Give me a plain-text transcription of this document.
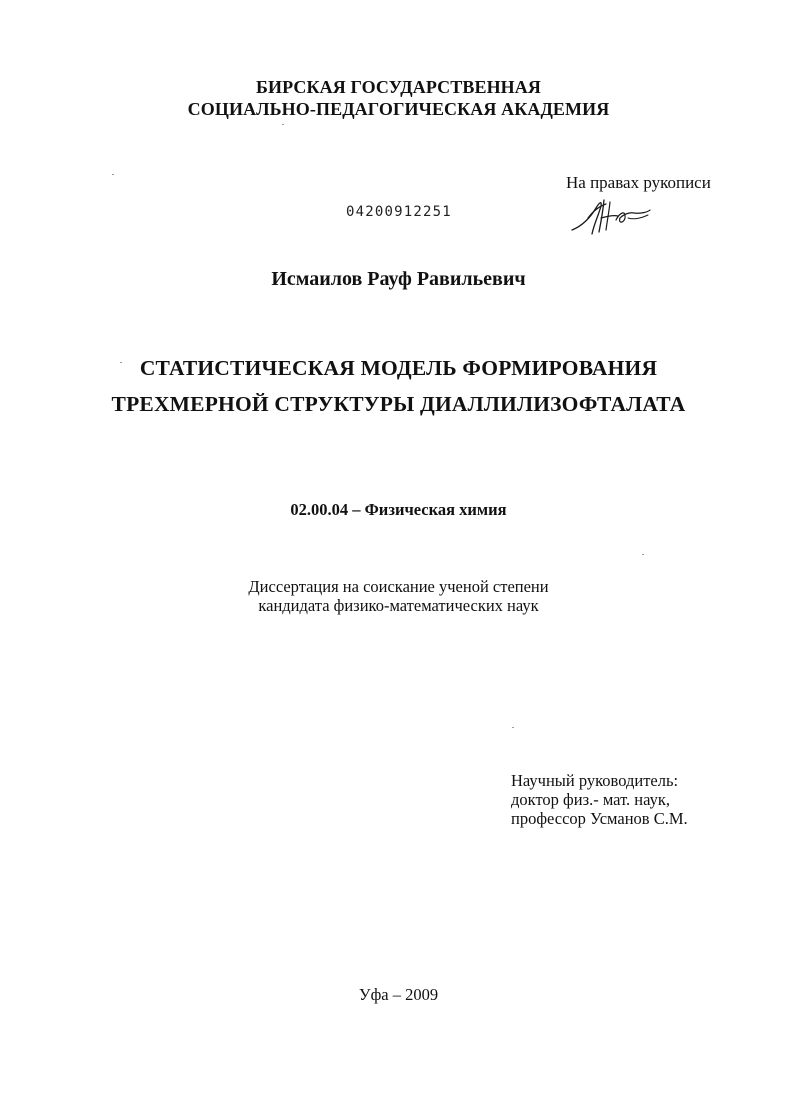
БИРСКАЯ ГОСУДАРСТВЕННАЯ
СОЦИАЛЬНО-ПЕДАГОГИЧЕСКАЯ АКАДЕМИЯ
На правах рукописи
04200912251
Исмаилов Рауф Равильевич
СТАТИСТИЧЕСКАЯ МОДЕЛЬ ФОРМИРОВАНИЯ
ТРЕХМЕРНОЙ СТРУКТУРЫ ДИАЛЛИЛИЗОФТАЛАТА
02.00.04 – Физическая химия
Диссертация на соискание ученой степени
кандидата физико-математических наук
Научный руководитель:
доктор физ.- мат. наук,
профессор Усманов С.М.
Уфа – 2009
